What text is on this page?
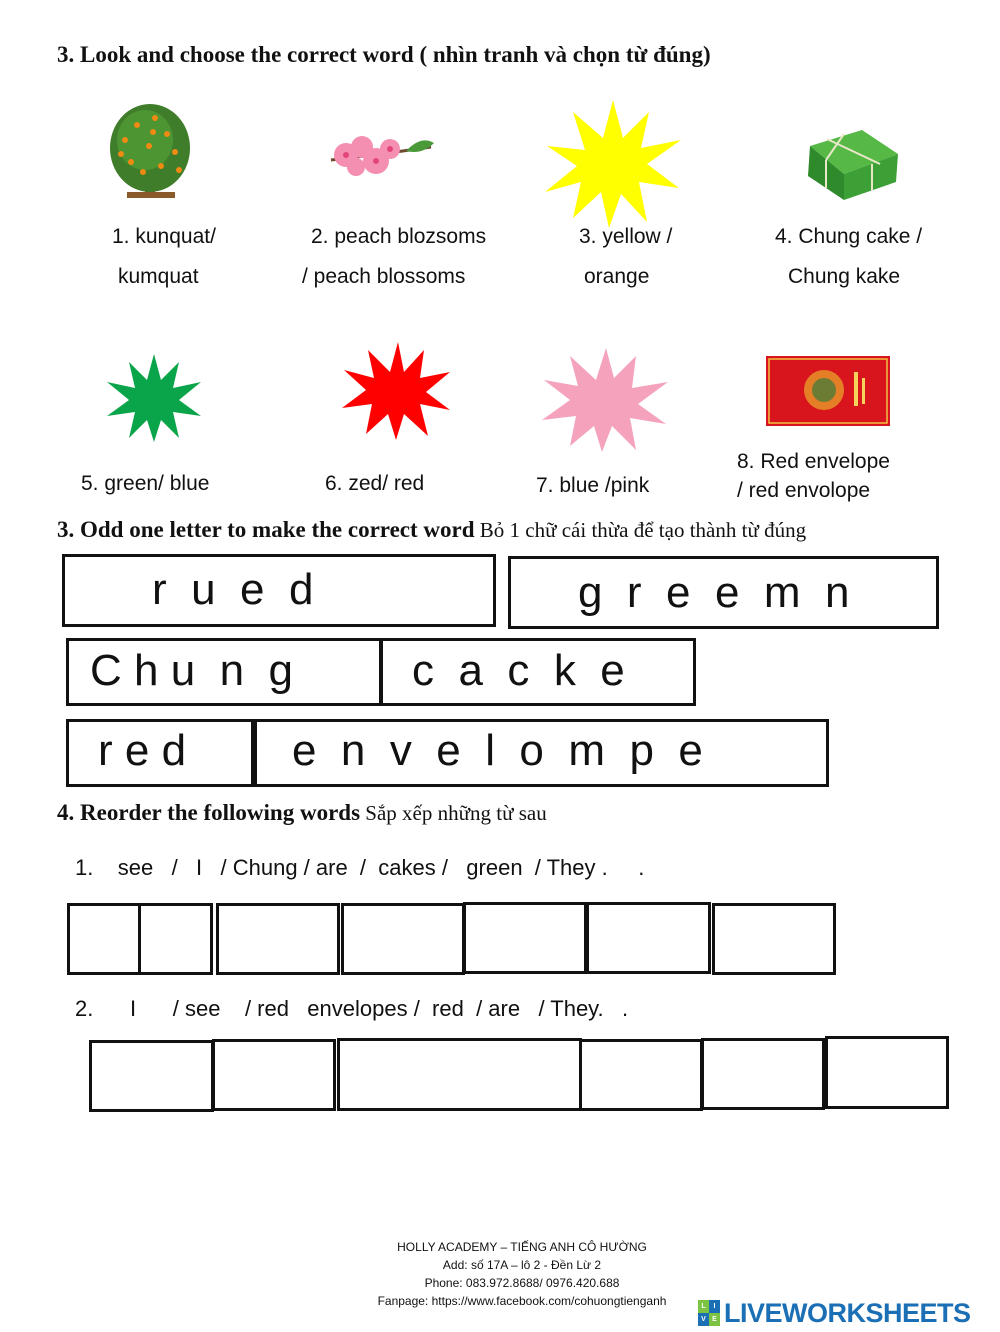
3. Look and choose the correct word ( nhìn tranh và chọn từ đúng)
1. kunquat/
kumquat
2. peach blozsoms
/ peach blossoms
3. yellow /
orange
4. Chung cake /
Chung kake
5. green/ blue	6. zed/ red	7. blue /pink
8. Red envelope
/ red envolope
3. Odd one letter to make the correct word Bỏ 1 chữ cái thừa để tạo thành từ đúng
r  u  e  d	g  r  e  e  m  n
C h u  n  g	c  a  c  k  e
r e d e  n  v  e  l  o  m  p  e
4. Reorder the following words Sắp xếp những từ sau
1.    see   /   I   / Chung / are  /  cakes /   green  / They .     .
2.      I      / see    / red   envelopes /  red  / are   / They.   .
HOLLY ACADEMY – TIẾNG ANH CÔ HƯỜNG
Add: số 17A – lô 2 - Đền Lừ 2
Phone: 083.972.8688/ 0976.420.688
Fanpage: https://www.facebook.com/cohuongtienganh	L	I
V E LIVEWORKSHEETS
